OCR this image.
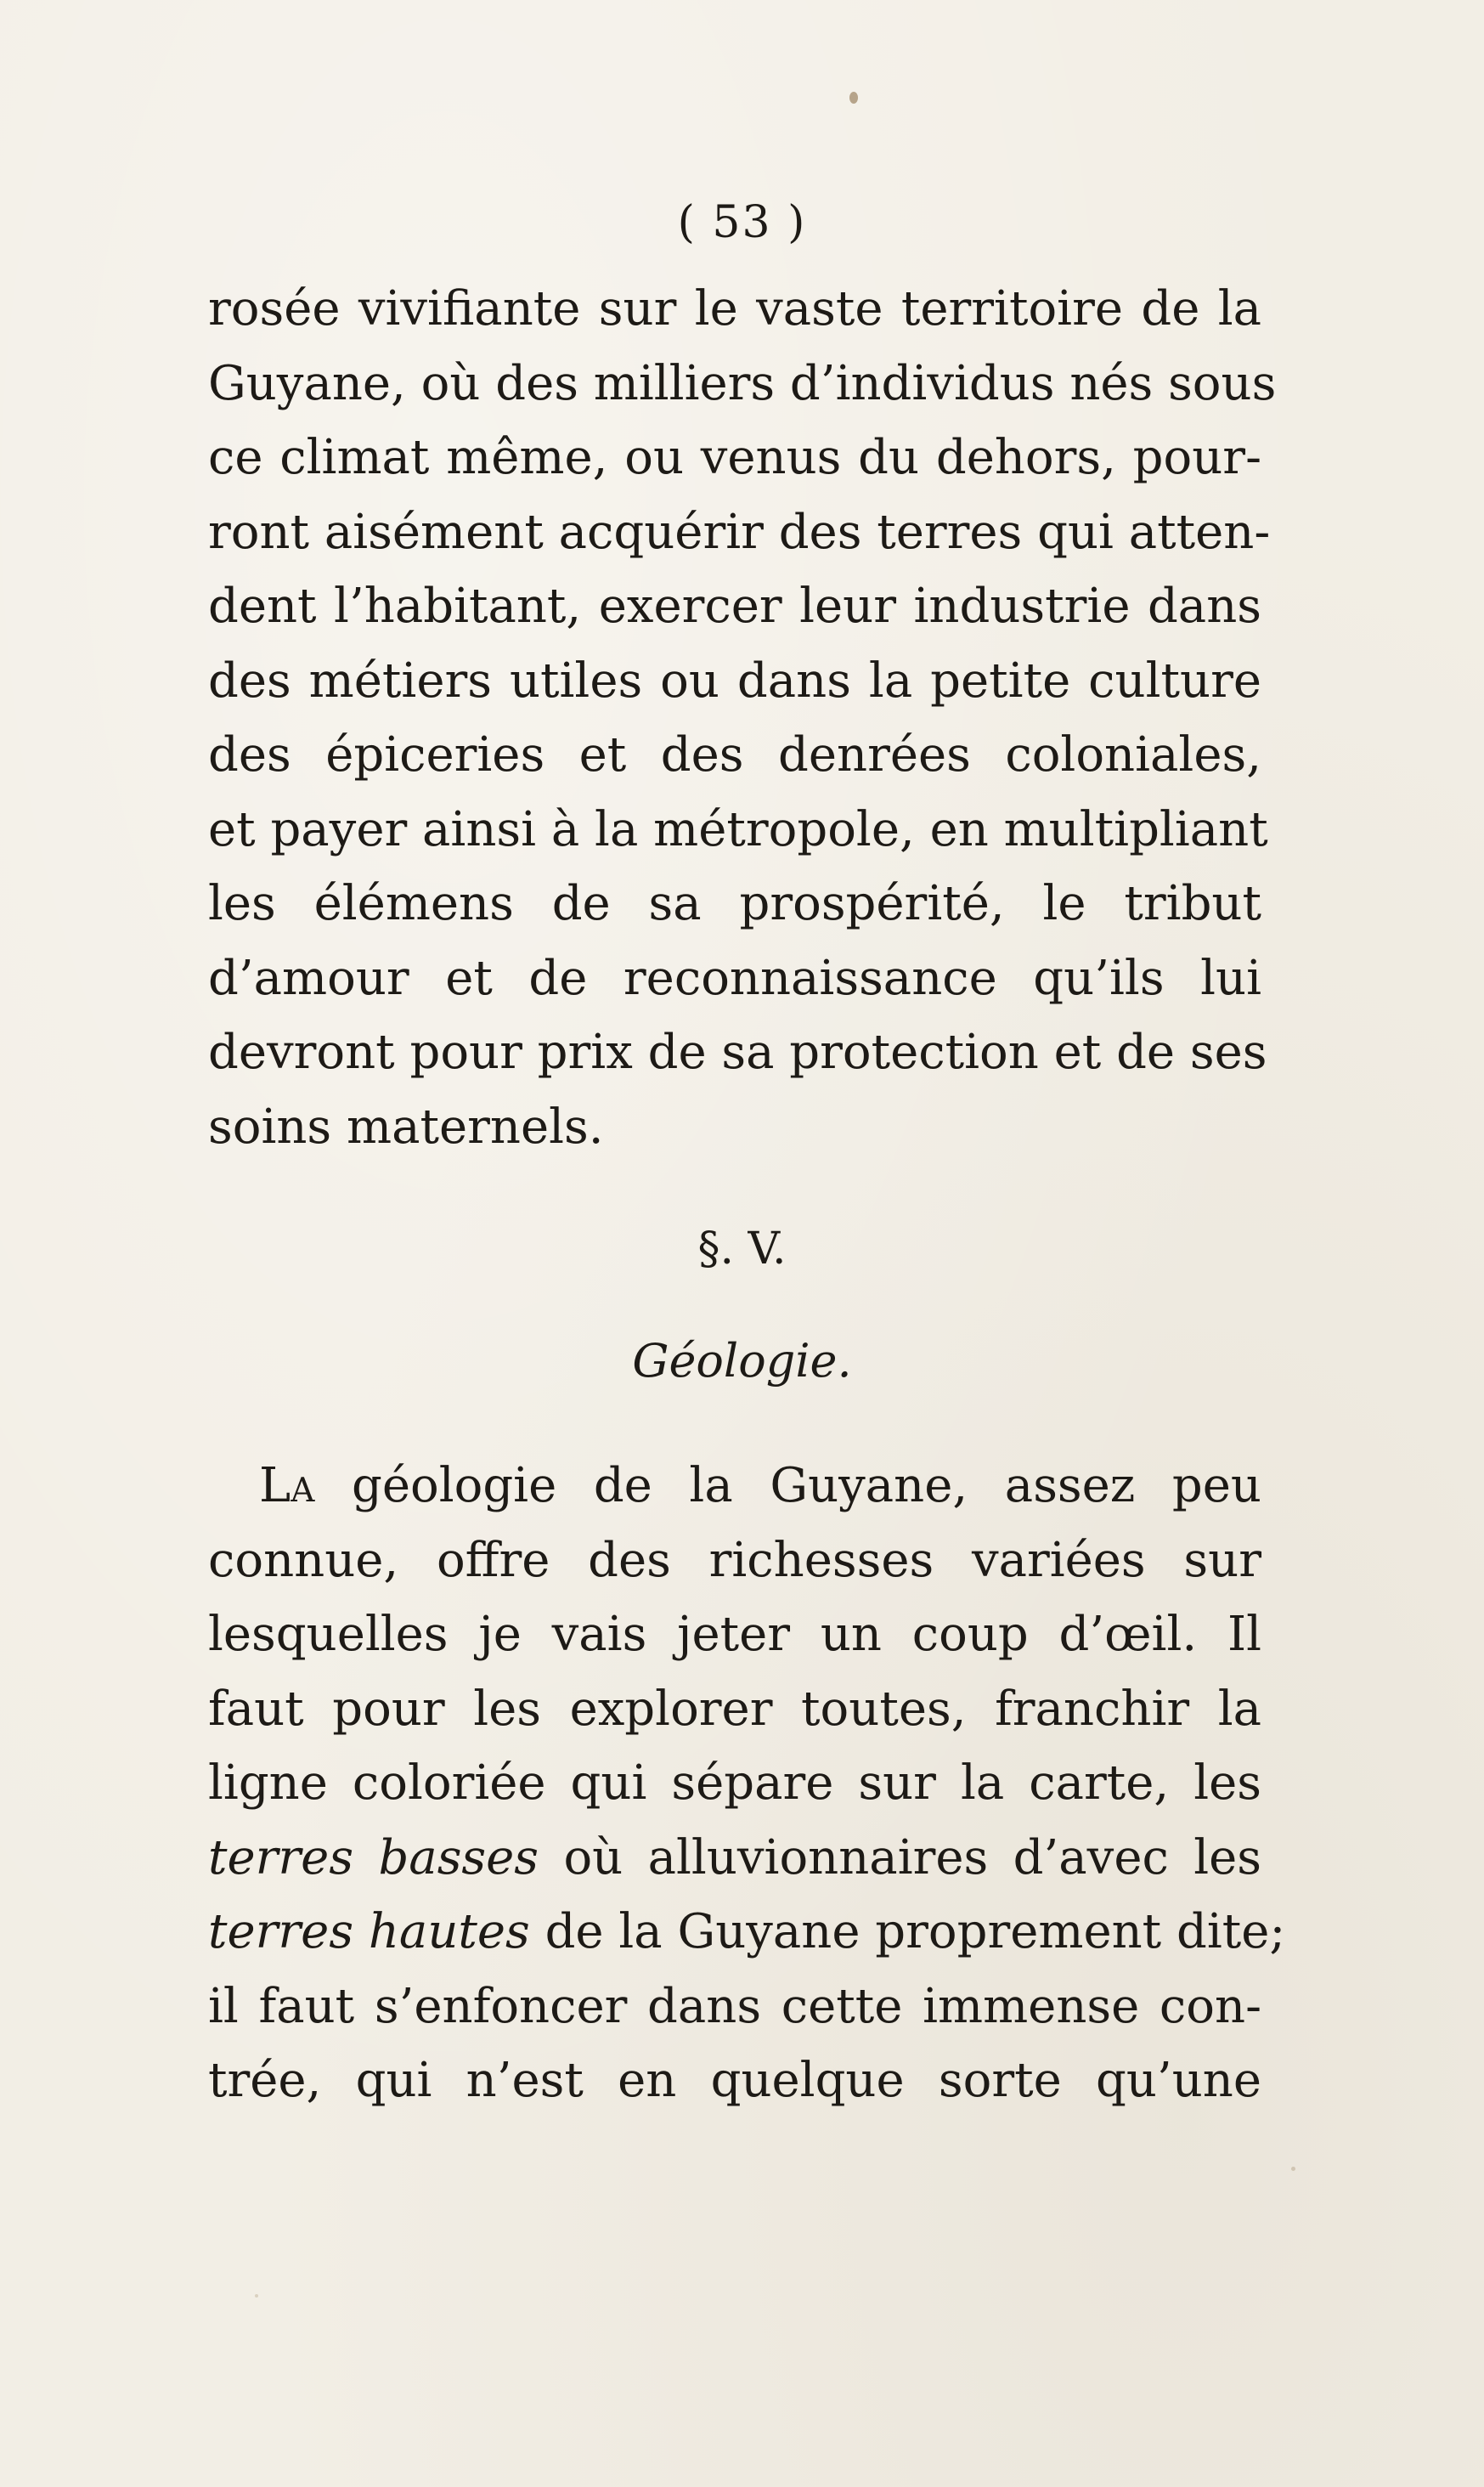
( 53 )
rosée vivifiante sur le vaste territoire de la
Guyane, où des milliers d’individus nés sous
ce climat même, ou venus du dehors, pour-
ront aisément acquérir des terres qui atten-
dent l’habitant, exercer leur industrie dans
des métiers utiles ou dans la petite culture
des épiceries et des denrées coloniales,
et payer ainsi à la métropole, en multipliant
les élémens de sa prospérité, le tribut
d’amour et de reconnaissance qu’ils lui
devront pour prix de sa protection et de ses
soins maternels.
§. V.
Géologie.
La géologie de la Guyane, assez peu
connue, offre des richesses variées sur
lesquelles je vais jeter un coup d’œil. Il
faut pour les explorer toutes, franchir la
ligne coloriée qui sépare sur la carte, les
terres basses où alluvionnaires d’avec les
terres hautes de la Guyane proprement dite;
il faut s’enfoncer dans cette immense con-
trée, qui n’est en quelque sorte qu’une
